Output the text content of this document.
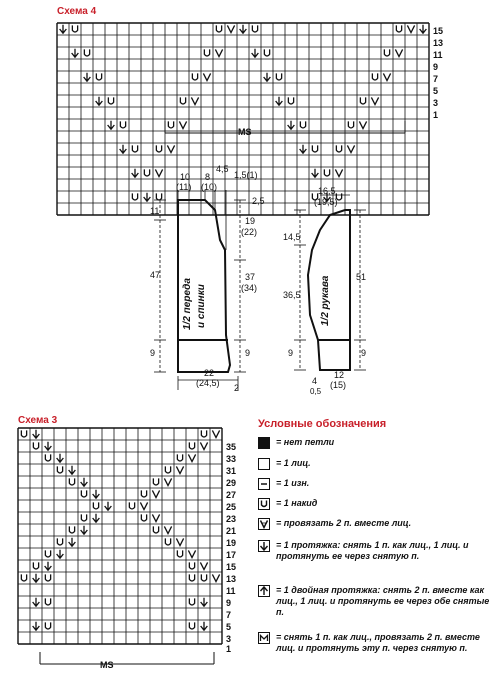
Схема 4
15
13
11
9
7
5
3
1
MS
1/2 переда и спинки
10
(11)
8
(10)
4,5
1,5(1)
2,5
11
47
9
19
(22)
37
(34)
9
22
(24,5) 2
1/2 рукава
16,5
(19,5)
14,5
36,5
9
51
9
4
0,5
12
(15)
Схема 3
35
33
31
29
27
25
23
21
19
17
15
13
11
9
7
5
3
1
MS
Условные обозначения
= нет петли
= 1 лиц.
= 1 изн.
= 1 накид
= провязать 2 п. вместе лиц.
= 1 протяжка: снять 1 п. как лиц., 1 лиц. и протянуть ее через снятую п.
= 1 двойная протяжка: снять 2 п. вместе как лиц., 1 лиц. и протянуть ее через обе снятые п.
= снять 1 п. как лиц., провязать 2 п. вместе лиц. и протянуть эту п. через снятую п.
